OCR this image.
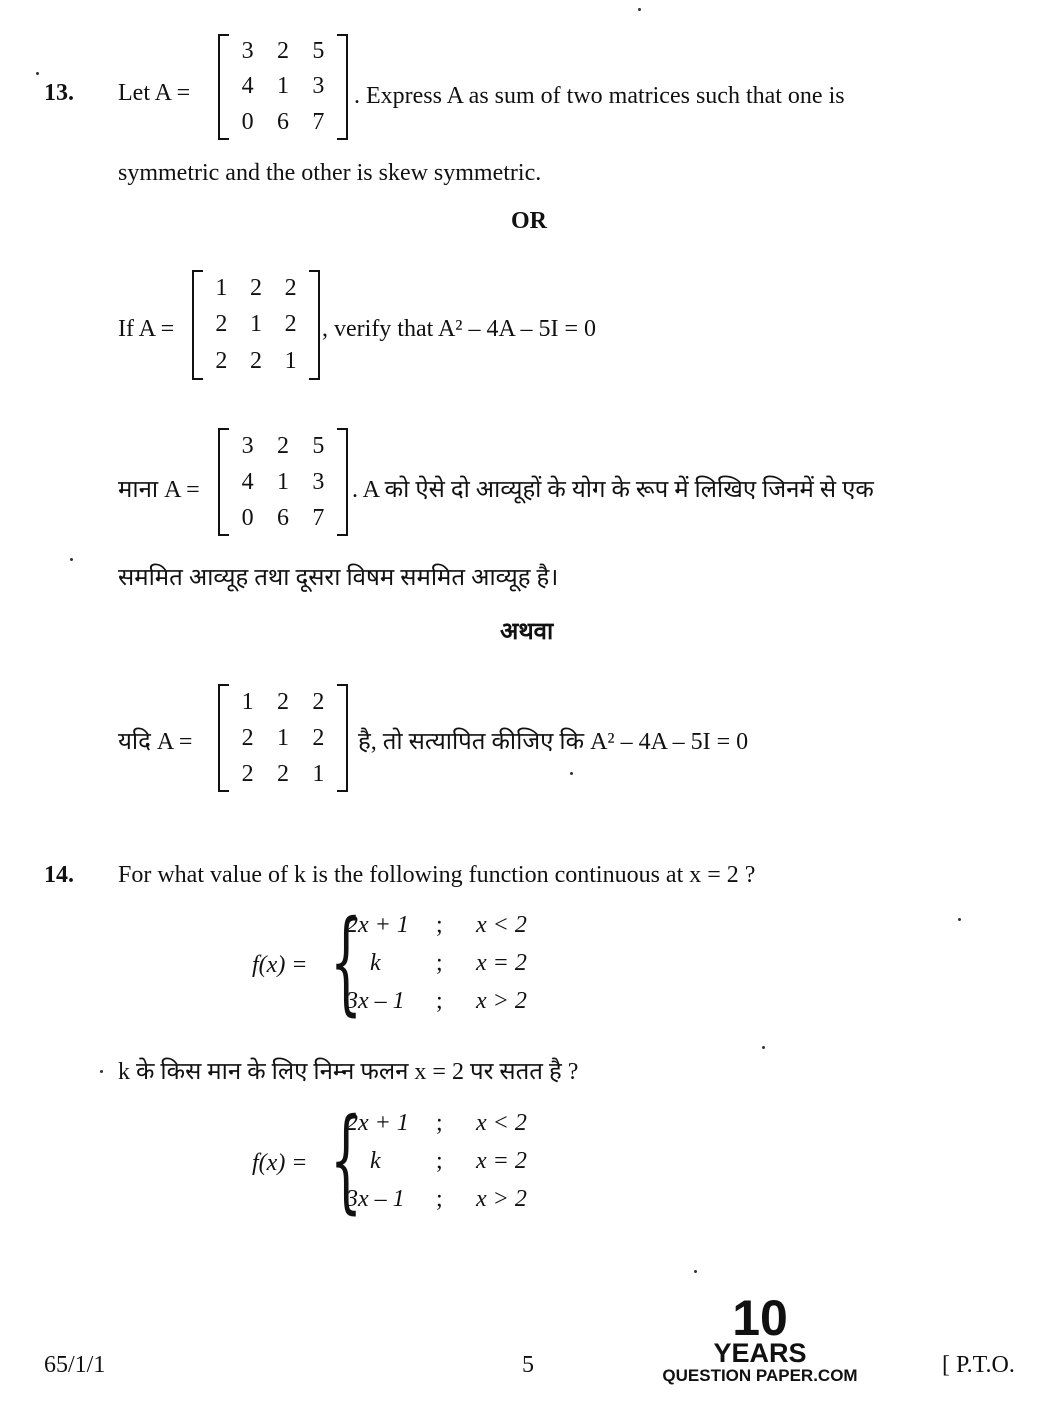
13. Let A =
3 2 5
4 1 3
0 6 7
. Express A as sum of two matrices such that one is
symmetric and the other is skew symmetric.
OR
If A =
1 2 2
2 1 2
2 2 1
, verify that A² – 4A – 5I = 0
माना A =
3 2 5
4 1 3
0 6 7
. A को ऐसे दो आव्यूहों के योग के रूप में लिखिए जिनमें से एक
सममित आव्यूह तथा दूसरा विषम सममित आव्यूह है।
अथवा
यदि A =
1 2 2
2 1 2
2 2 1
है, तो सत्यापित कीजिए कि A² – 4A – 5I = 0
14. For what value of k is the following function continuous at x = 2 ?
f(x) = {
2x + 1 ; x < 2
k ; x = 2
3x – 1 ; x > 2
k के किस मान के लिए निम्न फलन x = 2 पर सतत है ?
f(x) = {
2x + 1 ; x < 2
k ; x = 2
3x – 1 ; x > 2
10
YEARS
QUESTION PAPER.COM
65/1/1	5	[ P.T.O.
